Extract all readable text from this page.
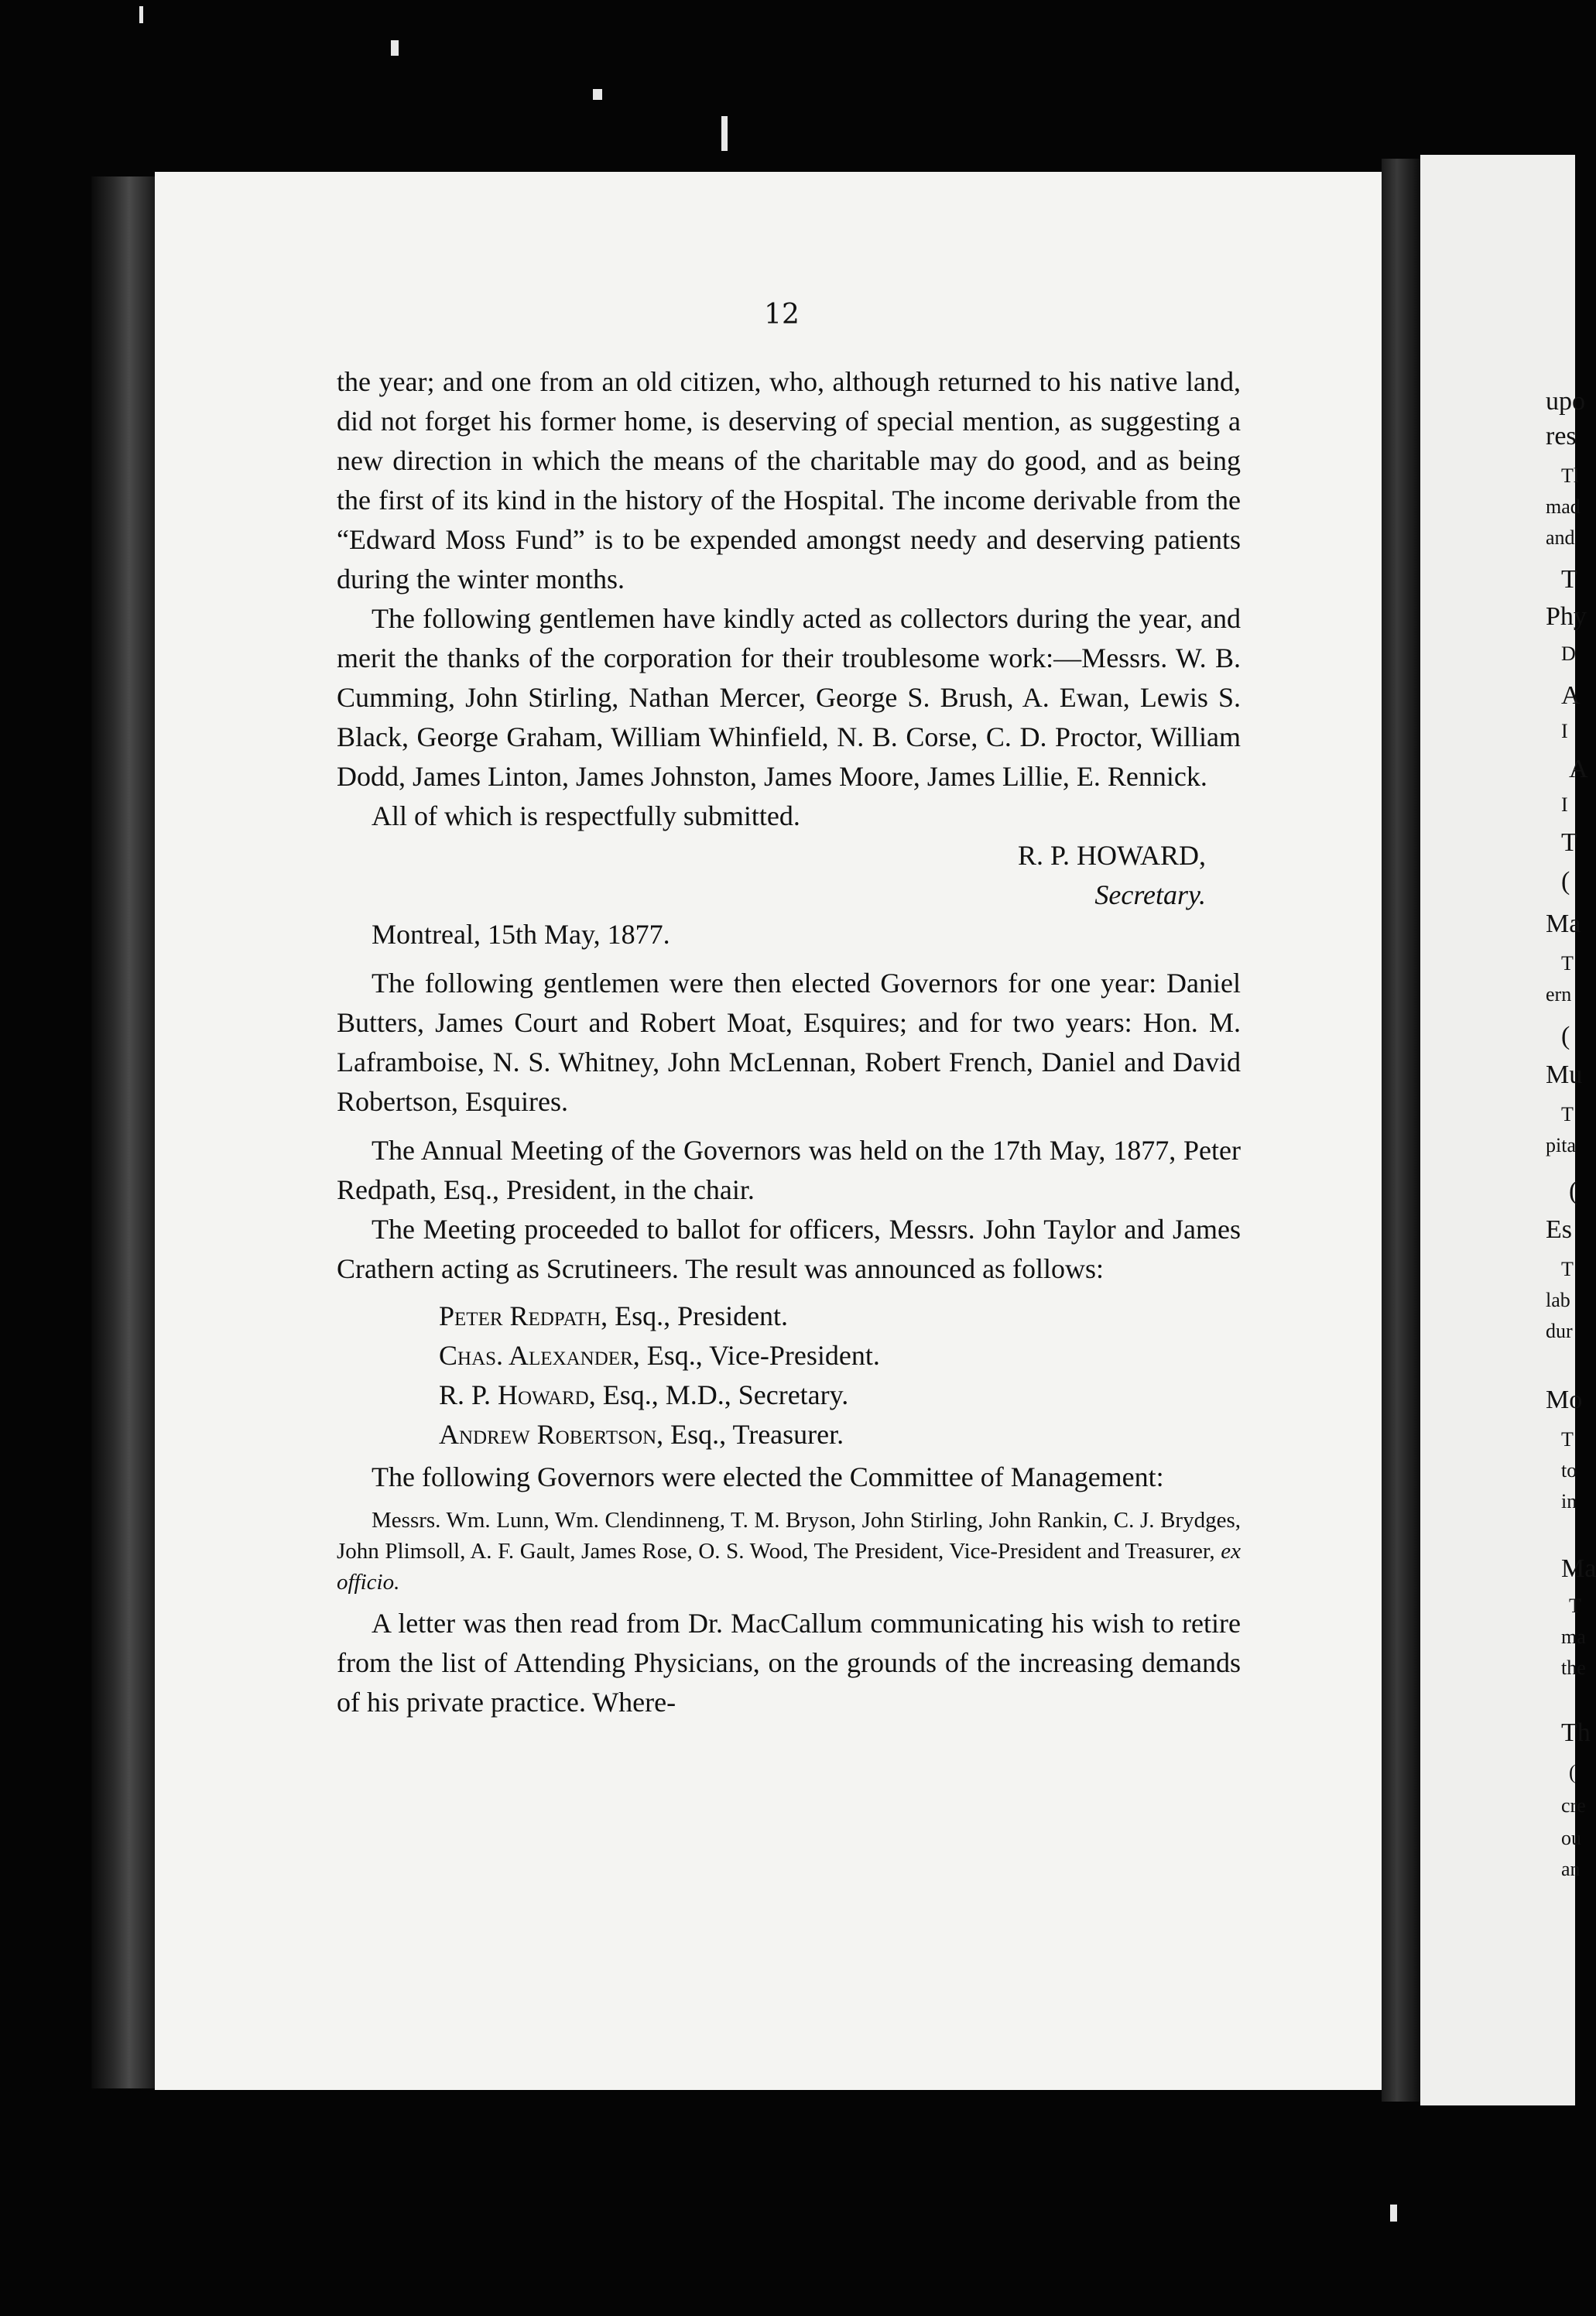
upo
res
Tl
mad
and
T
Phy
D
A
I
A
I
T
(
Ma
T
ern
(
Mu
T
pita
(
Es
T
lab
dur
Mo
T
to
in
Ma
T
ma
the
Th
(
cre
ou
an
12

the year; and one from an old citizen, who, although returned to his native land, did not forget his former home, is deserving of special mention, as suggesting a new direction in which the means of the charitable may do good, and as being the first of its kind in the history of the Hospital. The income derivable from the “Edward Moss Fund” is to be expended amongst needy and deserving patients during the winter months.

The following gentlemen have kindly acted as collectors during the year, and merit the thanks of the corporation for their troublesome work:—Messrs. W. B. Cumming, John Stirling, Nathan Mercer, George S. Brush, A. Ewan, Lewis S. Black, George Graham, William Whinfield, N. B. Corse, C. D. Proctor, William Dodd, James Linton, James Johnston, James Moore, James Lillie, E. Rennick.

All of which is respectfully submitted.

R. P. HOWARD,

Secretary.

Montreal, 15th May, 1877.

The following gentlemen were then elected Governors for one year: Daniel Butters, James Court and Robert Moat, Esquires; and for two years: Hon. M. Laframboise, N. S. Whitney, John McLennan, Robert French, Daniel and David Robertson, Esquires.

The Annual Meeting of the Governors was held on the 17th May, 1877, Peter Redpath, Esq., President, in the chair.

The Meeting proceeded to ballot for officers, Messrs. John Taylor and James Crathern acting as Scrutineers. The result was announced as follows:

Peter Redpath, Esq., President.
Chas. Alexander, Esq., Vice-President.
R. P. Howard, Esq., M.D., Secretary.
Andrew Robertson, Esq., Treasurer.

The following Governors were elected the Committee of Management:

Messrs. Wm. Lunn, Wm. Clendinneng, T. M. Bryson, John Stirling, John Rankin, C. J. Brydges, John Plimsoll, A. F. Gault, James Rose, O. S. Wood, The President, Vice-President and Treasurer, ex officio.

A letter was then read from Dr. MacCallum communicating his wish to retire from the list of Attending Physicians, on the grounds of the increasing demands of his private practice. Where-
